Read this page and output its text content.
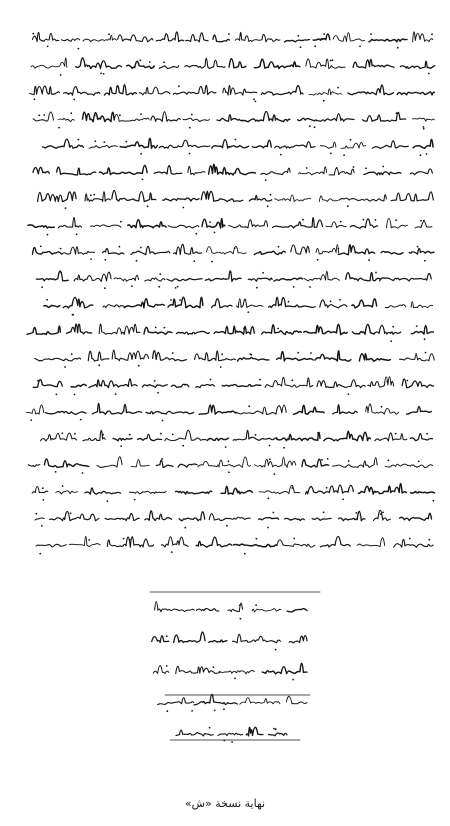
نهاية نسخة «ش»
